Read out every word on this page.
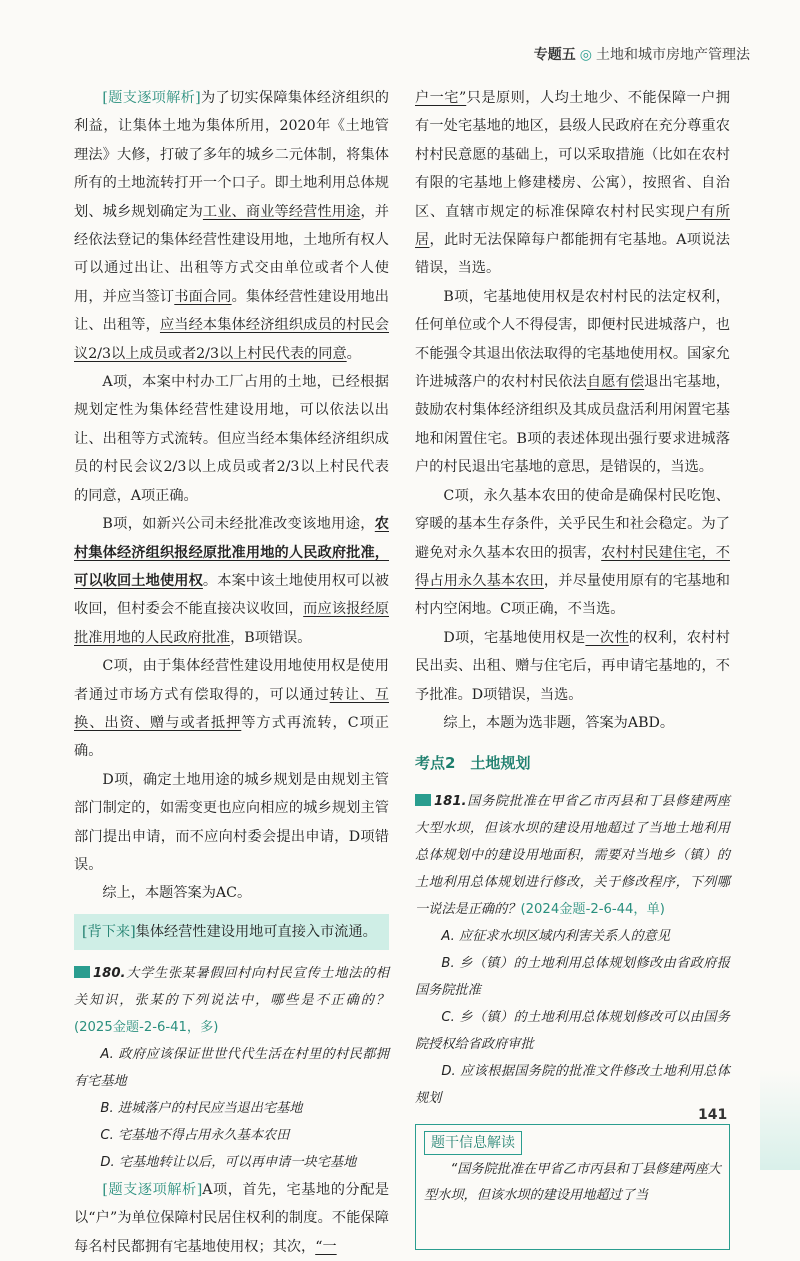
专题五 ◎ 土地和城市房地产管理法

[题支逐项解析]为了切实保障集体经济组织的利益，让集体土地为集体所用，2020年《土地管理法》大修，打破了多年的城乡二元体制，将集体所有的土地流转打开一个口子。即土地利用总体规划、城乡规划确定为工业、商业等经营性用途，并经依法登记的集体经营性建设用地，土地所有权人可以通过出让、出租等方式交由单位或者个人使用，并应当签订书面合同。集体经营性建设用地出让、出租等，应当经本集体经济组织成员的村民会议2/3以上成员或者2/3以上村民代表的同意。

A项，本案中村办工厂占用的土地，已经根据规划定性为集体经营性建设用地，可以依法以出让、出租等方式流转。但应当经本集体经济组织成员的村民会议2/3以上成员或者2/3以上村民代表的同意，A项正确。

B项，如新兴公司未经批准改变该地用途，农村集体经济组织报经原批准用地的人民政府批准，可以收回土地使用权。本案中该土地使用权可以被收回，但村委会不能直接决议收回，而应该报经原批准用地的人民政府批准，B项错误。

C项，由于集体经营性建设用地使用权是使用者通过市场方式有偿取得的，可以通过转让、互换、出资、赠与或者抵押等方式再流转，C项正确。

D项，确定土地用途的城乡规划是由规划主管部门制定的，如需变更也应向相应的城乡规划主管部门提出申请，而不应向村委会提出申请，D项错误。

综上，本题答案为AC。

[背下来]集体经营性建设用地可直接入市流通。

180.大学生张某暑假回村向村民宣传土地法的相关知识，张某的下列说法中，哪些是不正确的？(2025金题-2-6-41，多)

A. 政府应该保证世世代代生活在村里的村民都拥有宅基地

B. 进城落户的村民应当退出宅基地

C. 宅基地不得占用永久基本农田

D. 宅基地转让以后，可以再申请一块宅基地

[题支逐项解析]A项，首先，宅基地的分配是以“户”为单位保障村民居住权利的制度。不能保障每名村民都拥有宅基地使用权；其次，“一

户一宅”只是原则，人均土地少、不能保障一户拥有一处宅基地的地区，县级人民政府在充分尊重农村村民意愿的基础上，可以采取措施（比如在农村有限的宅基地上修建楼房、公寓），按照省、自治区、直辖市规定的标准保障农村村民实现户有所居，此时无法保障每户都能拥有宅基地。A项说法错误，当选。

B项，宅基地使用权是农村村民的法定权利，任何单位或个人不得侵害，即便村民进城落户，也不能强令其退出依法取得的宅基地使用权。国家允许进城落户的农村村民依法自愿有偿退出宅基地，鼓励农村集体经济组织及其成员盘活利用闲置宅基地和闲置住宅。B项的表述体现出强行要求进城落户的村民退出宅基地的意思，是错误的，当选。

C项，永久基本农田的使命是确保村民吃饱、穿暖的基本生存条件，关乎民生和社会稳定。为了避免对永久基本农田的损害，农村村民建住宅，不得占用永久基本农田，并尽量使用原有的宅基地和村内空闲地。C项正确，不当选。

D项，宅基地使用权是一次性的权利，农村村民出卖、出租、赠与住宅后，再申请宅基地的，不予批准。D项错误，当选。

综上，本题为选非题，答案为ABD。

考点2　土地规划

181.国务院批准在甲省乙市丙县和丁县修建两座大型水坝，但该水坝的建设用地超过了当地土地利用总体规划中的建设用地面积，需要对当地乡（镇）的土地利用总体规划进行修改，关于修改程序，下列哪一说法是正确的？(2024金题-2-6-44，单)

A. 应征求水坝区域内利害关系人的意见

B. 乡（镇）的土地利用总体规划修改由省政府报国务院批准

C. 乡（镇）的土地利用总体规划修改可以由国务院授权给省政府审批

D. 应该根据国务院的批准文件修改土地利用总体规划

题干信息解读

“国务院批准在甲省乙市丙县和丁县修建两座大型水坝，但该水坝的建设用地超过了当

141
